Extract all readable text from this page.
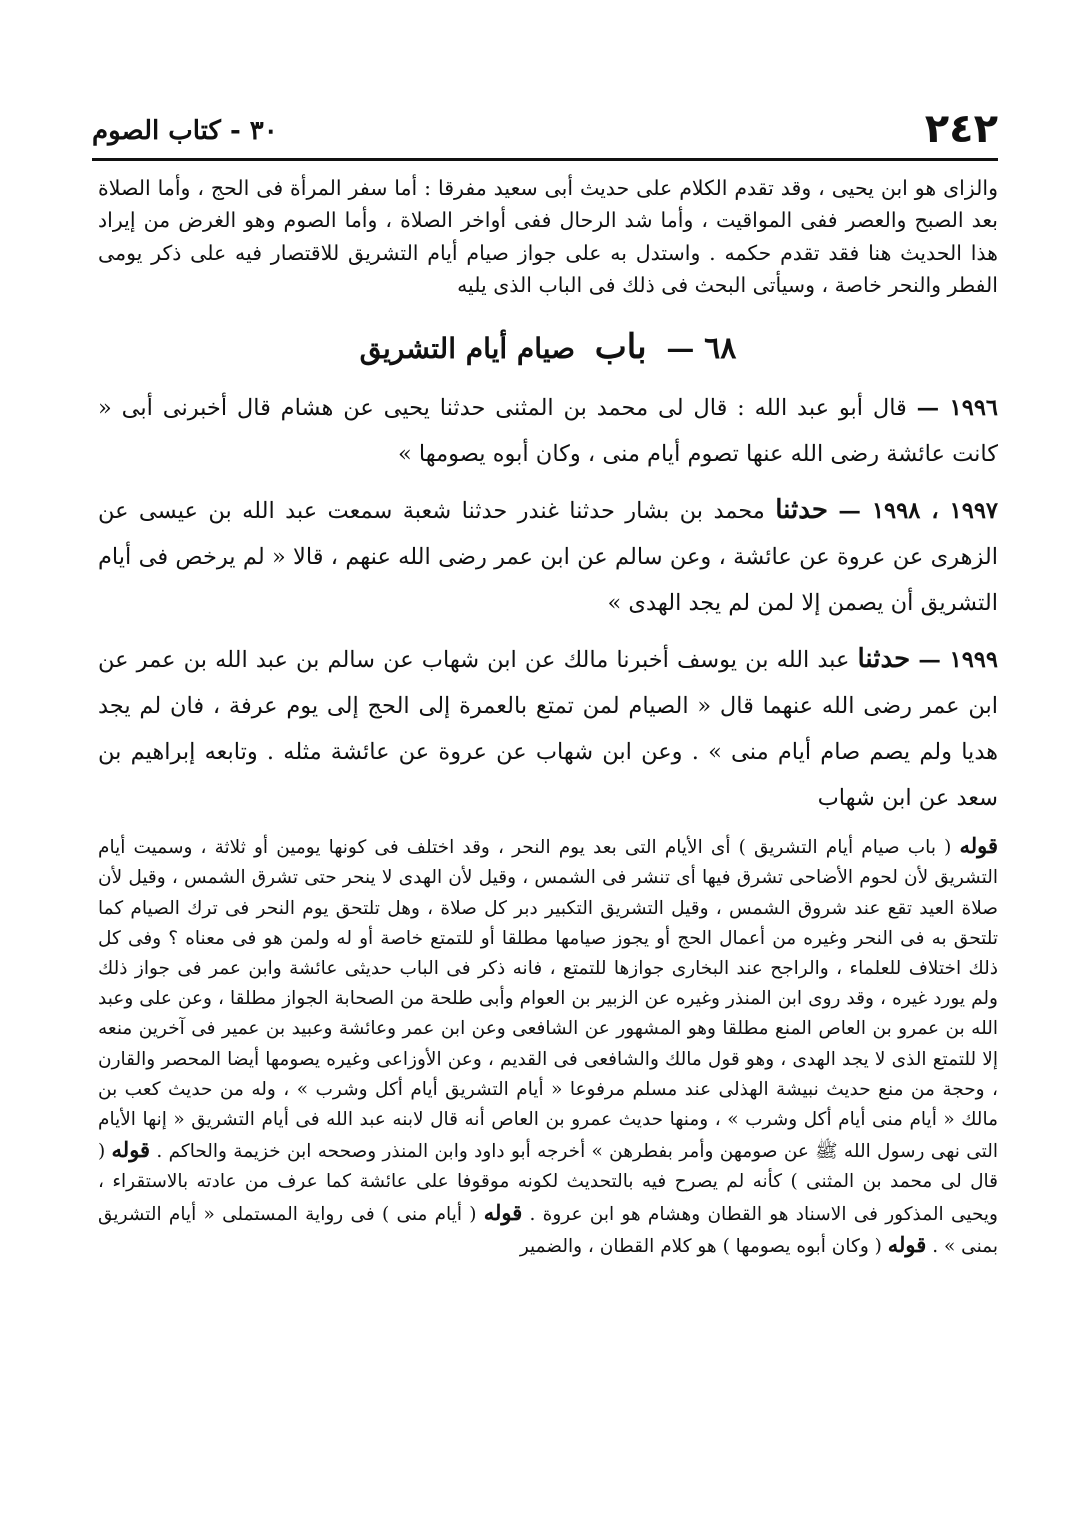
٢٤٢
٣٠ - كتاب الصوم

والزاى هو ابن يحيى ، وقد تقدم الكلام على حديث أبى سعيد مفرقا : أما سفر المرأة فى الحج ، وأما الصلاة بعد الصبح والعصر ففى المواقيت ، وأما شد الرحال ففى أواخر الصلاة ، وأما الصوم وهو الغرض من إيراد هذا الحديث هنا فقد تقدم حكمه . واستدل به على جواز صيام أيام التشريق للاقتصار فيه على ذكر يومى الفطر والنحر خاصة ، وسيأتى البحث فى ذلك فى الباب الذى يليه

٦٨ — باب صيام أيام التشريق

١٩٩٦ — قال أبو عبد الله : قال لى محمد بن المثنى حدثنا يحيى عن هشام قال أخبرنى أبى « كانت عائشة رضى الله عنها تصوم أيام منى ، وكان أبوه يصومها »

١٩٩٧ ، ١٩٩٨ — حدثنا محمد بن بشار حدثنا غندر حدثنا شعبة سمعت عبد الله بن عيسى عن الزهرى عن عروة عن عائشة ، وعن سالم عن ابن عمر رضى الله عنهم ، قالا « لم يرخص فى أيام التشريق أن يصمن إلا لمن لم يجد الهدى »

١٩٩٩ — حدثنا عبد الله بن يوسف أخبرنا مالك عن ابن شهاب عن سالم بن عبد الله بن عمر عن ابن عمر رضى الله عنهما قال « الصيام لمن تمتع بالعمرة إلى الحج إلى يوم عرفة ، فان لم يجد هديا ولم يصم صام أيام منى » . وعن ابن شهاب عن عروة عن عائشة مثله . وتابعه إبراهيم بن سعد عن ابن شهاب

قوله ( باب صيام أيام التشريق ) أى الأيام التى بعد يوم النحر ، وقد اختلف فى كونها يومين أو ثلاثة ، وسميت أيام التشريق لأن لحوم الأضاحى تشرق فيها أى تنشر فى الشمس ، وقيل لأن الهدى لا ينحر حتى تشرق الشمس ، وقيل لأن صلاة العيد تقع عند شروق الشمس ، وقيل التشريق التكبير دبر كل صلاة ، وهل تلتحق يوم النحر فى ترك الصيام كما تلتحق به فى النحر وغيره من أعمال الحج أو يجوز صيامها مطلقا أو للتمتع خاصة أو له ولمن هو فى معناه ؟ وفى كل ذلك اختلاف للعلماء ، والراجح عند البخارى جوازها للتمتع ، فانه ذكر فى الباب حديثى عائشة وابن عمر فى جواز ذلك ولم يورد غيره ، وقد روى ابن المنذر وغيره عن الزبير بن العوام وأبى طلحة من الصحابة الجواز مطلقا ، وعن على وعبد الله بن عمرو بن العاص المنع مطلقا وهو المشهور عن الشافعى وعن ابن عمر وعائشة وعبيد بن عمير فى آخرين منعه إلا للتمتع الذى لا يجد الهدى ، وهو قول مالك والشافعى فى القديم ، وعن الأوزاعى وغيره يصومها أيضا المحصر والقارن ، وحجة من منع حديث نبيشة الهذلى عند مسلم مرفوعا « أيام التشريق أيام أكل وشرب » ، وله من حديث كعب بن مالك « أيام منى أيام أكل وشرب » ، ومنها حديث عمرو بن العاص أنه قال لابنه عبد الله فى أيام التشريق « إنها الأيام التى نهى رسول الله ﷺ عن صومهن وأمر بفطرهن » أخرجه أبو داود وابن المنذر وصححه ابن خزيمة والحاكم . قوله ( قال لى محمد بن المثنى ) كأنه لم يصرح فيه بالتحديث لكونه موقوفا على عائشة كما عرف من عادته بالاستقراء ، ويحيى المذكور فى الاسناد هو القطان وهشام هو ابن عروة . قوله ( أيام منى ) فى رواية المستملى « أيام التشريق بمنى » . قوله ( وكان أبوه يصومها ) هو كلام القطان ، والضمير
